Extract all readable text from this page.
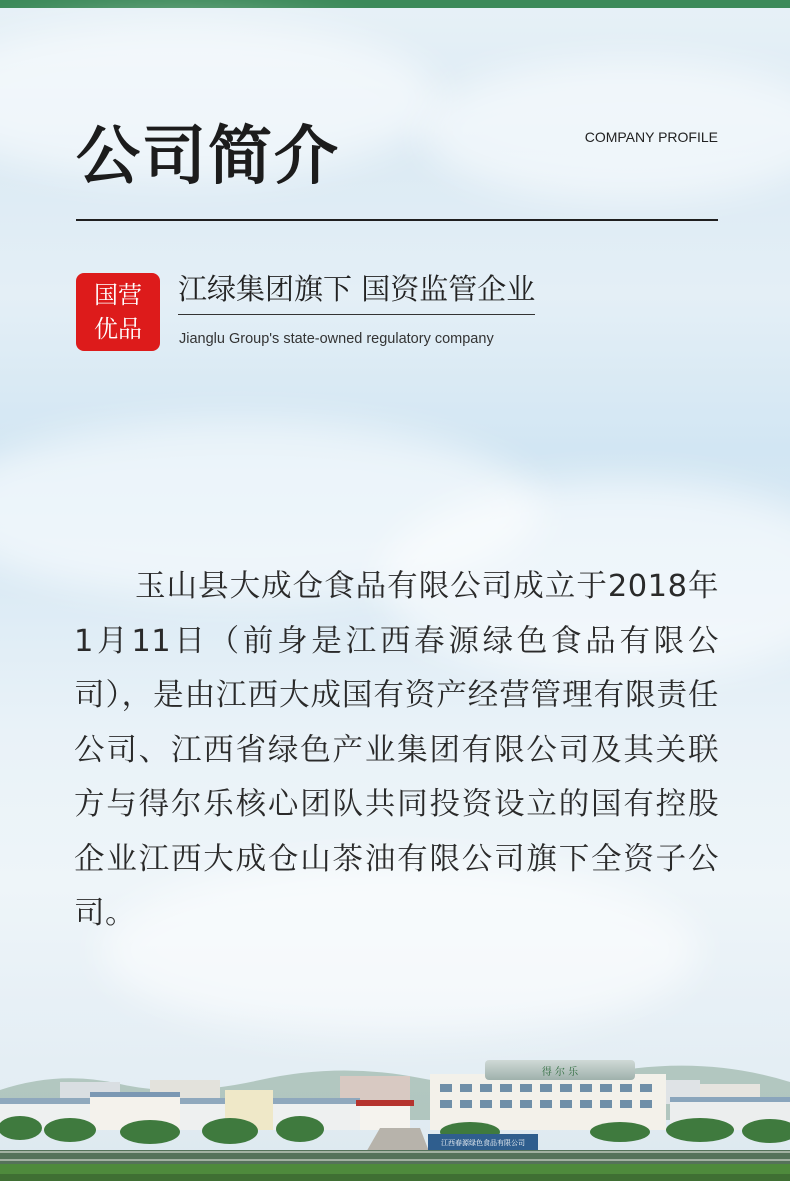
公司简介	COMPANY PROFILE
国营
优品
江绿集团旗下 国资监管企业
Jianglu Group's state-owned regulatory company

玉山县大成仓食品有限公司成立于2018年1月11日（前身是江西春源绿色食品有限公司），是由江西大成国有资产经营管理有限责任公司、江西省绿色产业集团有限公司及其关联方与得尔乐核心团队共同投资设立的国有控股企业江西大成仓山茶油有限公司旗下全资子公司。

得 尔 乐
江西春源绿色食品有限公司
